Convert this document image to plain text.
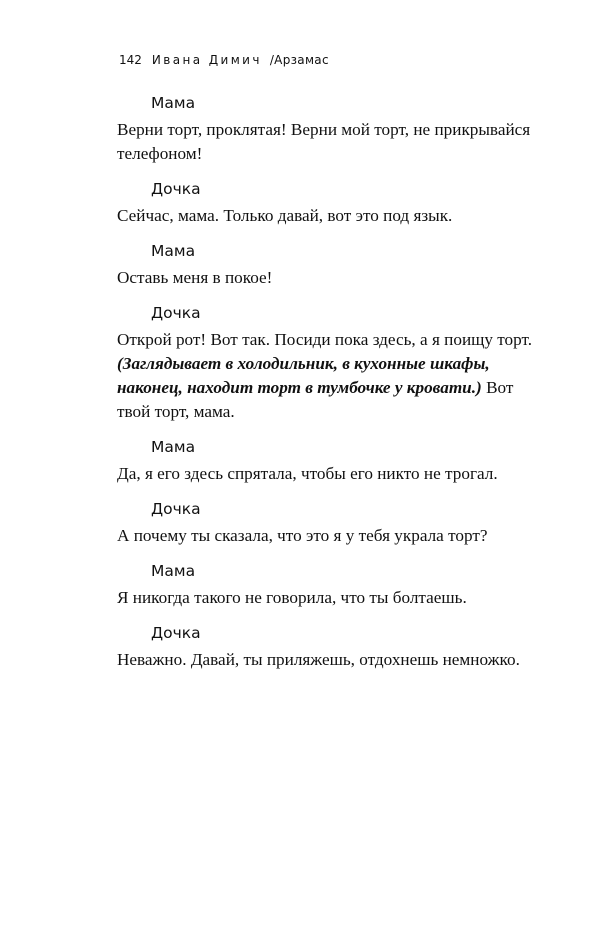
142 Ивана Димич /Арзамас
Мама

Верни торт, проклятая! Верни мой торт, не прикрывайся телефоном!

Дочка

Сейчас, мама. Только давай, вот это под язык.

Мама

Оставь меня в покое!

Дочка

Открой рот! Вот так. Посиди пока здесь, а я поищу торт. (Заглядывает в холодильник, в кухонные шкафы, наконец, находит торт в тумбочке у кровати.) Вот твой торт, мама.

Мама

Да, я его здесь спрятала, чтобы его никто не трогал.

Дочка

А почему ты сказала, что это я у тебя украла торт?

Мама

Я никогда такого не говорила, что ты болтаешь.

Дочка

Неважно. Давай, ты приляжешь, отдохнешь немножко.
